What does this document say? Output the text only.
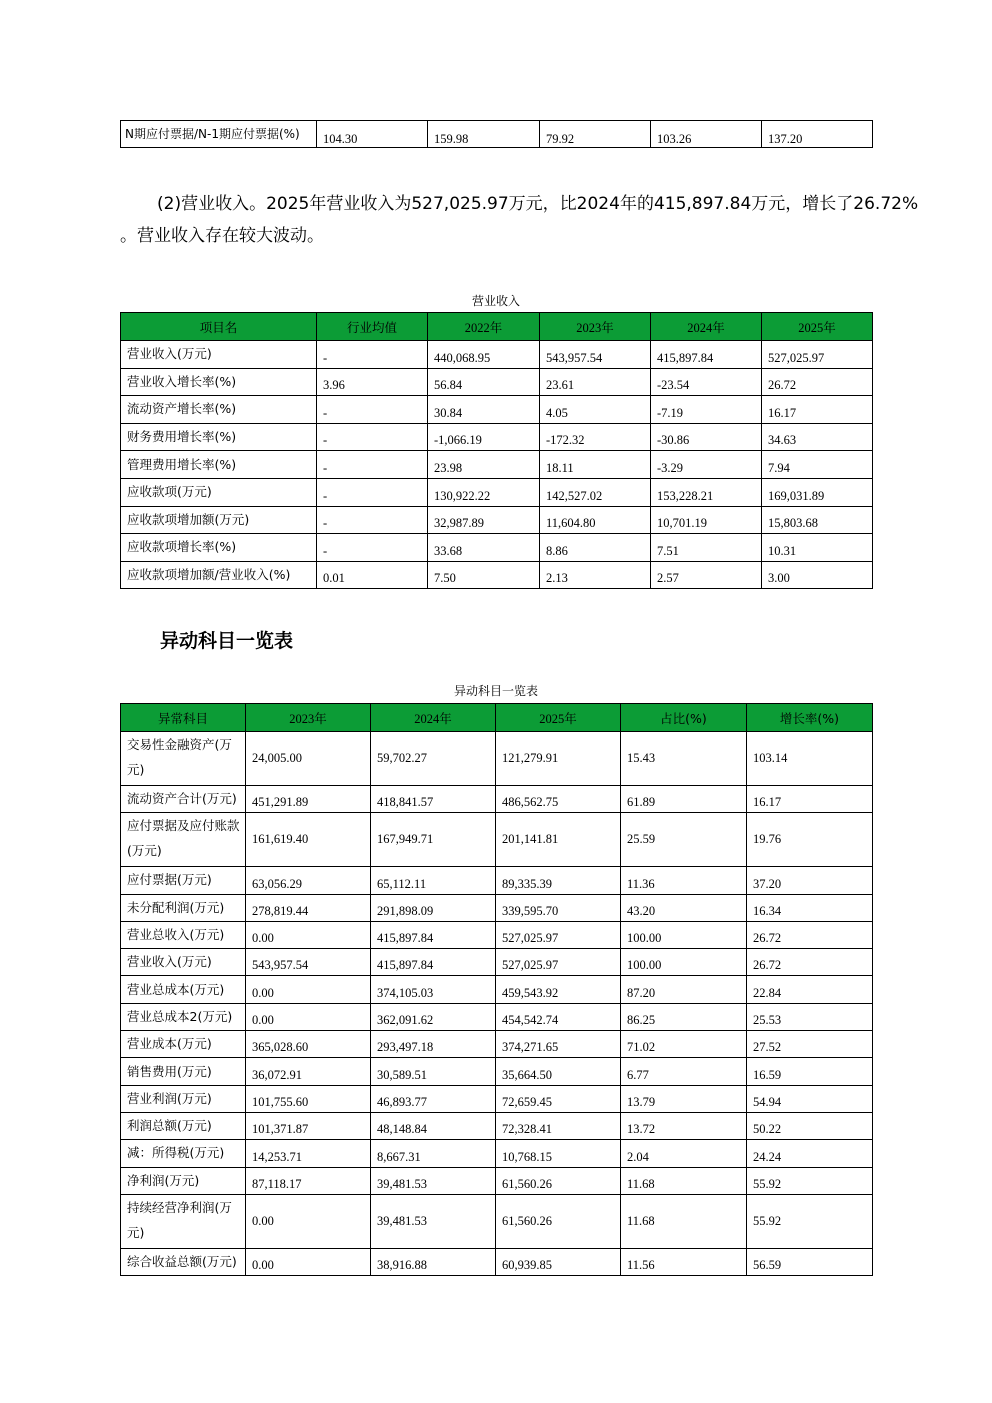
N期应付票据/N-1期应付票据(%)	104.30	159.98	79.92	103.26	137.20
(2)营业收入。2025年营业收入为527,025.97万元，比2024年的415,897.84万元，增长了26.72%
。营业收入存在较大波动。
营业收入
项目名	行业均值	2022年	2023年	2024年	2025年
营业收入(万元)	-	440,068.95	543,957.54	415,897.84	527,025.97
营业收入增长率(%)	3.96	56.84	23.61	-23.54	26.72
流动资产增长率(%)	-	30.84	4.05	-7.19	16.17
财务费用增长率(%)	-	-1,066.19	-172.32	-30.86	34.63
管理费用增长率(%)	-	23.98	18.11	-3.29	7.94
应收款项(万元)	-	130,922.22	142,527.02	153,228.21	169,031.89
应收款项增加额(万元)	-	32,987.89	11,604.80	10,701.19	15,803.68
应收款项增长率(%)	-	33.68	8.86	7.51	10.31
应收款项增加额/营业收入(%)	0.01	7.50	2.13	2.57	3.00
异动科目一览表
异动科目一览表
异常科目	2023年	2024年	2025年	占比(%)	增长率(%)
交易性金融资产(万元)	24,005.00	59,702.27	121,279.91	15.43	103.14
流动资产合计(万元)	451,291.89	418,841.57	486,562.75	61.89	16.17
应付票据及应付账款(万元)	161,619.40	167,949.71	201,141.81	25.59	19.76
应付票据(万元)	63,056.29	65,112.11	89,335.39	11.36	37.20
未分配利润(万元)	278,819.44	291,898.09	339,595.70	43.20	16.34
营业总收入(万元)	0.00	415,897.84	527,025.97	100.00	26.72
营业收入(万元)	543,957.54	415,897.84	527,025.97	100.00	26.72
营业总成本(万元)	0.00	374,105.03	459,543.92	87.20	22.84
营业总成本2(万元)	0.00	362,091.62	454,542.74	86.25	25.53
营业成本(万元)	365,028.60	293,497.18	374,271.65	71.02	27.52
销售费用(万元)	36,072.91	30,589.51	35,664.50	6.77	16.59
营业利润(万元)	101,755.60	46,893.77	72,659.45	13.79	54.94
利润总额(万元)	101,371.87	48,148.84	72,328.41	13.72	50.22
减：所得税(万元)	14,253.71	8,667.31	10,768.15	2.04	24.24
净利润(万元)	87,118.17	39,481.53	61,560.26	11.68	55.92
持续经营净利润(万元)	0.00	39,481.53	61,560.26	11.68	55.92
综合收益总额(万元)	0.00	38,916.88	60,939.85	11.56	56.59
